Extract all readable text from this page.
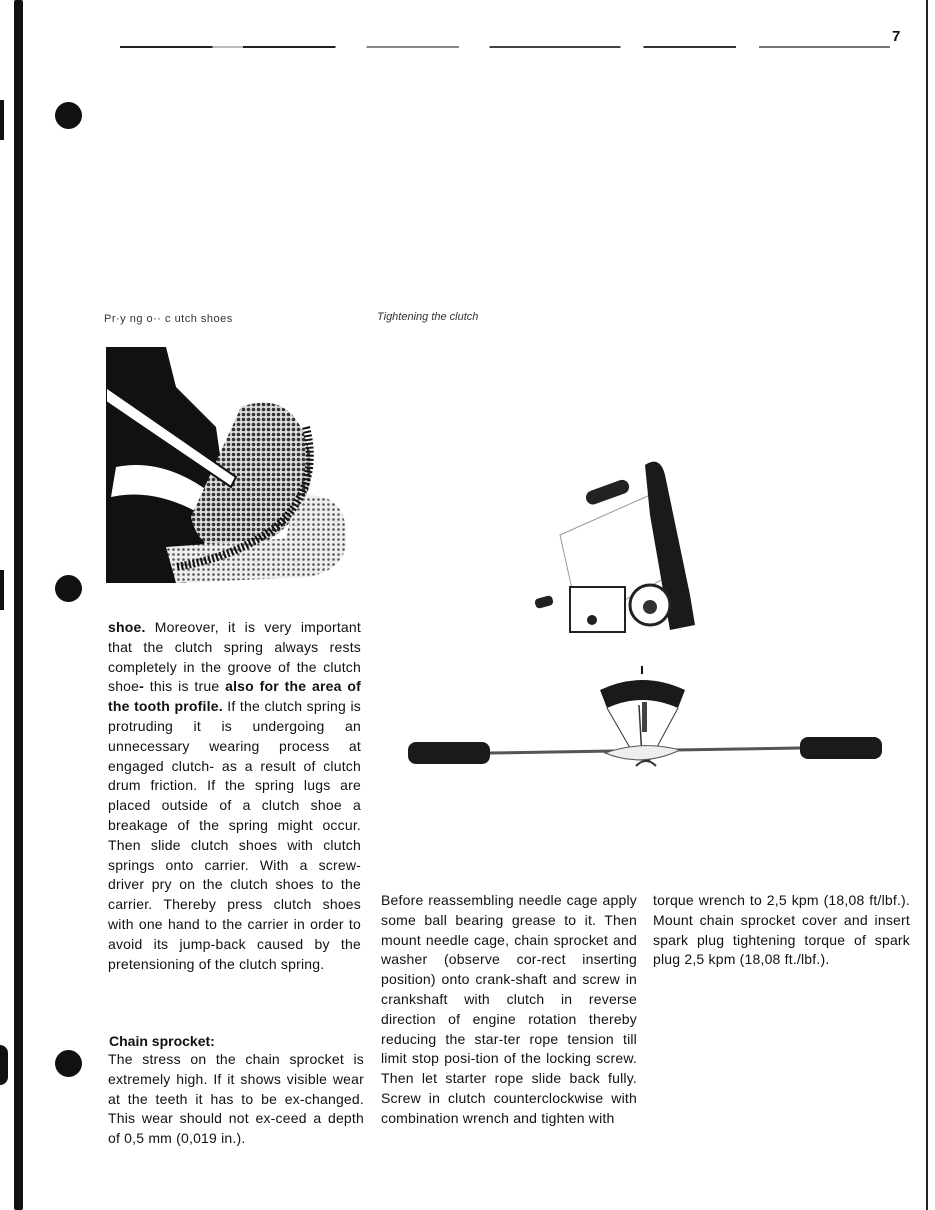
7
Pr·y ng o·· c utch shoes	Tightening the clutch
shoe. Moreover, it is very important that the clutch spring always rests completely in the groove of the clutch shoe- this is true also for the area of the tooth profile. If the clutch spring is protruding it is undergoing an unnecessary wearing process at engaged clutch- as a result of clutch drum friction. If the spring lugs are placed outside of a clutch shoe a breakage of the spring might occur. Then slide clutch shoes with clutch springs onto carrier. With a screw-driver pry on the clutch shoes to the carrier. Thereby press clutch shoes with one hand to the carrier in order to avoid its jump-back caused by the pretensioning of the clutch spring.
Chain sprocket:
The stress on the chain sprocket is extremely high. If it shows visible wear at the teeth it has to be ex-changed. This wear should not ex-ceed a depth of 0,5 mm (0,019 in.).
Before reassembling needle cage apply some ball bearing grease to it. Then mount needle cage, chain sprocket and washer (observe cor-rect inserting position) onto crank-shaft and screw in crankshaft with clutch in reverse direction of engine rotation thereby reducing the star-ter rope tension till limit stop posi-tion of the locking screw. Then let starter rope slide back fully. Screw in clutch counterclockwise with combination wrench and tighten with
torque wrench to 2,5 kpm (18,08 ft/lbf.). Mount chain sprocket cover and insert spark plug tightening torque of spark plug 2,5 kpm (18,08 ft./lbf.).
